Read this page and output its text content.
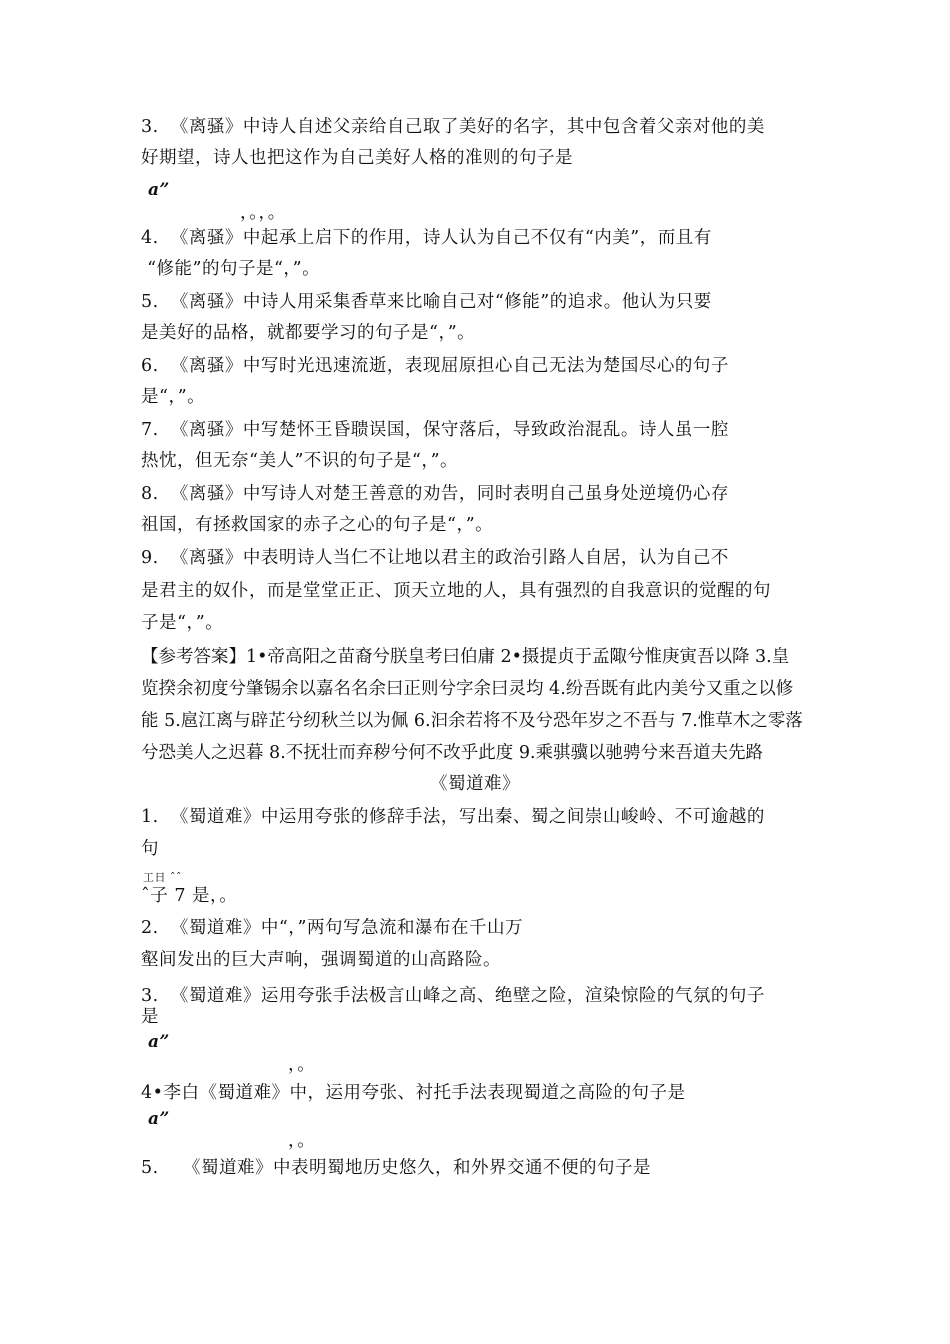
3.  《离骚》中诗人自述父亲给自己取了美好的名字，其中包含着父亲对他的美
好期望，诗人也把这作为自己美好人格的准则的句子是
a”
，。，。
4.  《离骚》中起承上启下的作用，诗人认为自己不仅有“内美”，而且有
“修能”的句子是“，”。
5.  《离骚》中诗人用采集香草来比喻自己对“修能”的追求。他认为只要
是美好的品格，就都要学习的句子是“，”。
6.  《离骚》中写时光迅速流逝，表现屈原担心自己无法为楚国尽心的句子
是“，”。
7.  《离骚》中写楚怀王昏聩误国，保守落后，导致政治混乱。诗人虽一腔
热忱，但无奈“美人”不识的句子是“，”。
8.  《离骚》中写诗人对楚王善意的劝告，同时表明自己虽身处逆境仍心存
祖国，有拯救国家的赤子之心的句子是“，”。
9.  《离骚》中表明诗人当仁不让地以君主的政治引路人自居，认为自己不
是君主的奴仆，而是堂堂正正、顶天立地的人，具有强烈的自我意识的觉醒的句
子是“，”。
【参考答案】1•帝高阳之苗裔兮朕皇考曰伯庸 2•摄提贞于孟陬兮惟庚寅吾以降 3.皇
览揆余初度兮肇锡余以嘉名名余曰正则兮字余曰灵均 4.纷吾既有此内美兮又重之以修
能 5.扈江离与辟芷兮纫秋兰以为佩 6.汩余若将不及兮恐年岁之不吾与 7.惟草木之零落
兮恐美人之迟暮 8.不抚壮而弃秽兮何不改乎此度 9.乘骐骥以驰骋兮来吾道夫先路
《蜀道难》
1.  《蜀道难》中运用夸张的修辞手法，写出秦、蜀之间崇山峻岭、不可逾越的
句
工日 ˆˆ
ˆ子 7 是，。
2.  《蜀道难》中“，”两句写急流和瀑布在千山万
壑间发出的巨大声响，强调蜀道的山高路险。
3.  《蜀道难》运用夸张手法极言山峰之高、绝壁之险，渲染惊险的气氛的句子
是
a”
，。
4•李白《蜀道难》中，运用夸张、衬托手法表现蜀道之高险的句子是
a”
，。
5.    《蜀道难》中表明蜀地历史悠久，和外界交通不便的句子是
